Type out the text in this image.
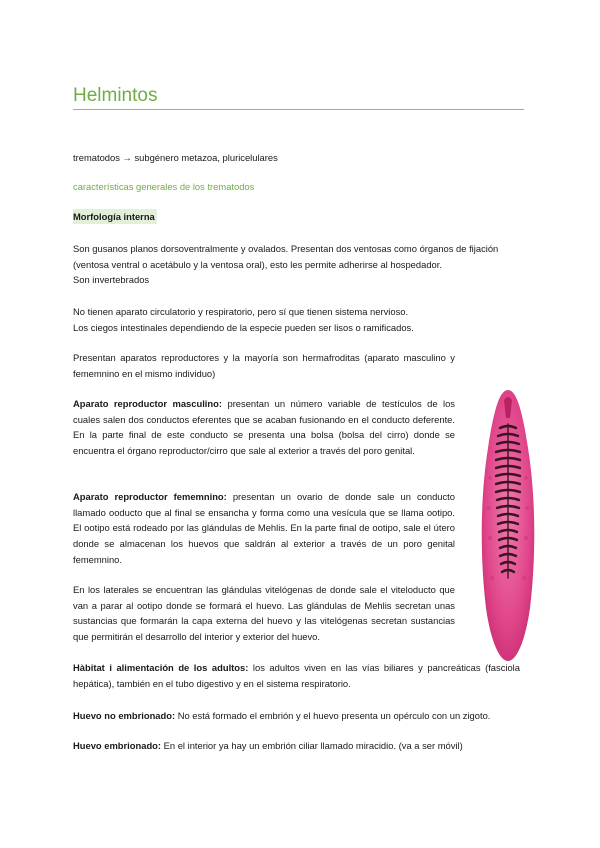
Helmintos

trematodos → subgénero metazoa, pluricelulares

características generales de los trematodos

Morfología interna

Son gusanos planos dorsoventralmente y ovalados. Presentan dos ventosas como órganos de fijación (ventosa ventral o acetábulo y la ventosa oral), esto les permite adherirse al hospedador.
Son invertebrados

No tienen aparato circulatorio y respiratorio, pero sí que tienen sistema nervioso.
Los ciegos intestinales dependiendo de la especie pueden ser lisos o ramificados.

Presentan aparatos reproductores y la mayoría son hermafroditas (aparato masculino y fememnino en el mismo individuo)

Aparato reproductor masculino: presentan un número variable de testículos de los cuales salen dos conductos eferentes que se acaban fusionando en el conducto deferente. En la parte final de este conducto se presenta una bolsa (bolsa del cirro) donde se encuentra el órgano reproductor/cirro que sale al exterior a través del poro genital.

Aparato reproductor fememnino: presentan un ovario de donde sale un conducto llamado ooducto que al final se ensancha y forma como una vesícula que se llama ootipo. El ootipo está rodeado por las glándulas de Mehlis. En la parte final de ootipo, sale el útero donde se almacenan los huevos que saldrán al exterior a través de un poro genital fememnino.

En los laterales se encuentran las glándulas vitelógenas de donde sale el viteloducto que van a parar al ootipo donde se formará el huevo. Las glándulas de Mehlis secretan unas sustancias que formarán la capa externa del huevo y las vitelógenas secretan sustancias que permitirán el desarrollo del interior y exterior del huevo.

Hàbitat i alimentación de los adultos: los adultos viven en las vías biliares y pancreáticas (fasciola hepática), también en el tubo digestivo y en el sistema respiratorio.

Huevo no embrionado: No está formado el embrión y el huevo presenta un opérculo con un zigoto.

Huevo embrionado: En el interior ya hay un embrión ciliar llamado miracidio. (va a ser móvil)
